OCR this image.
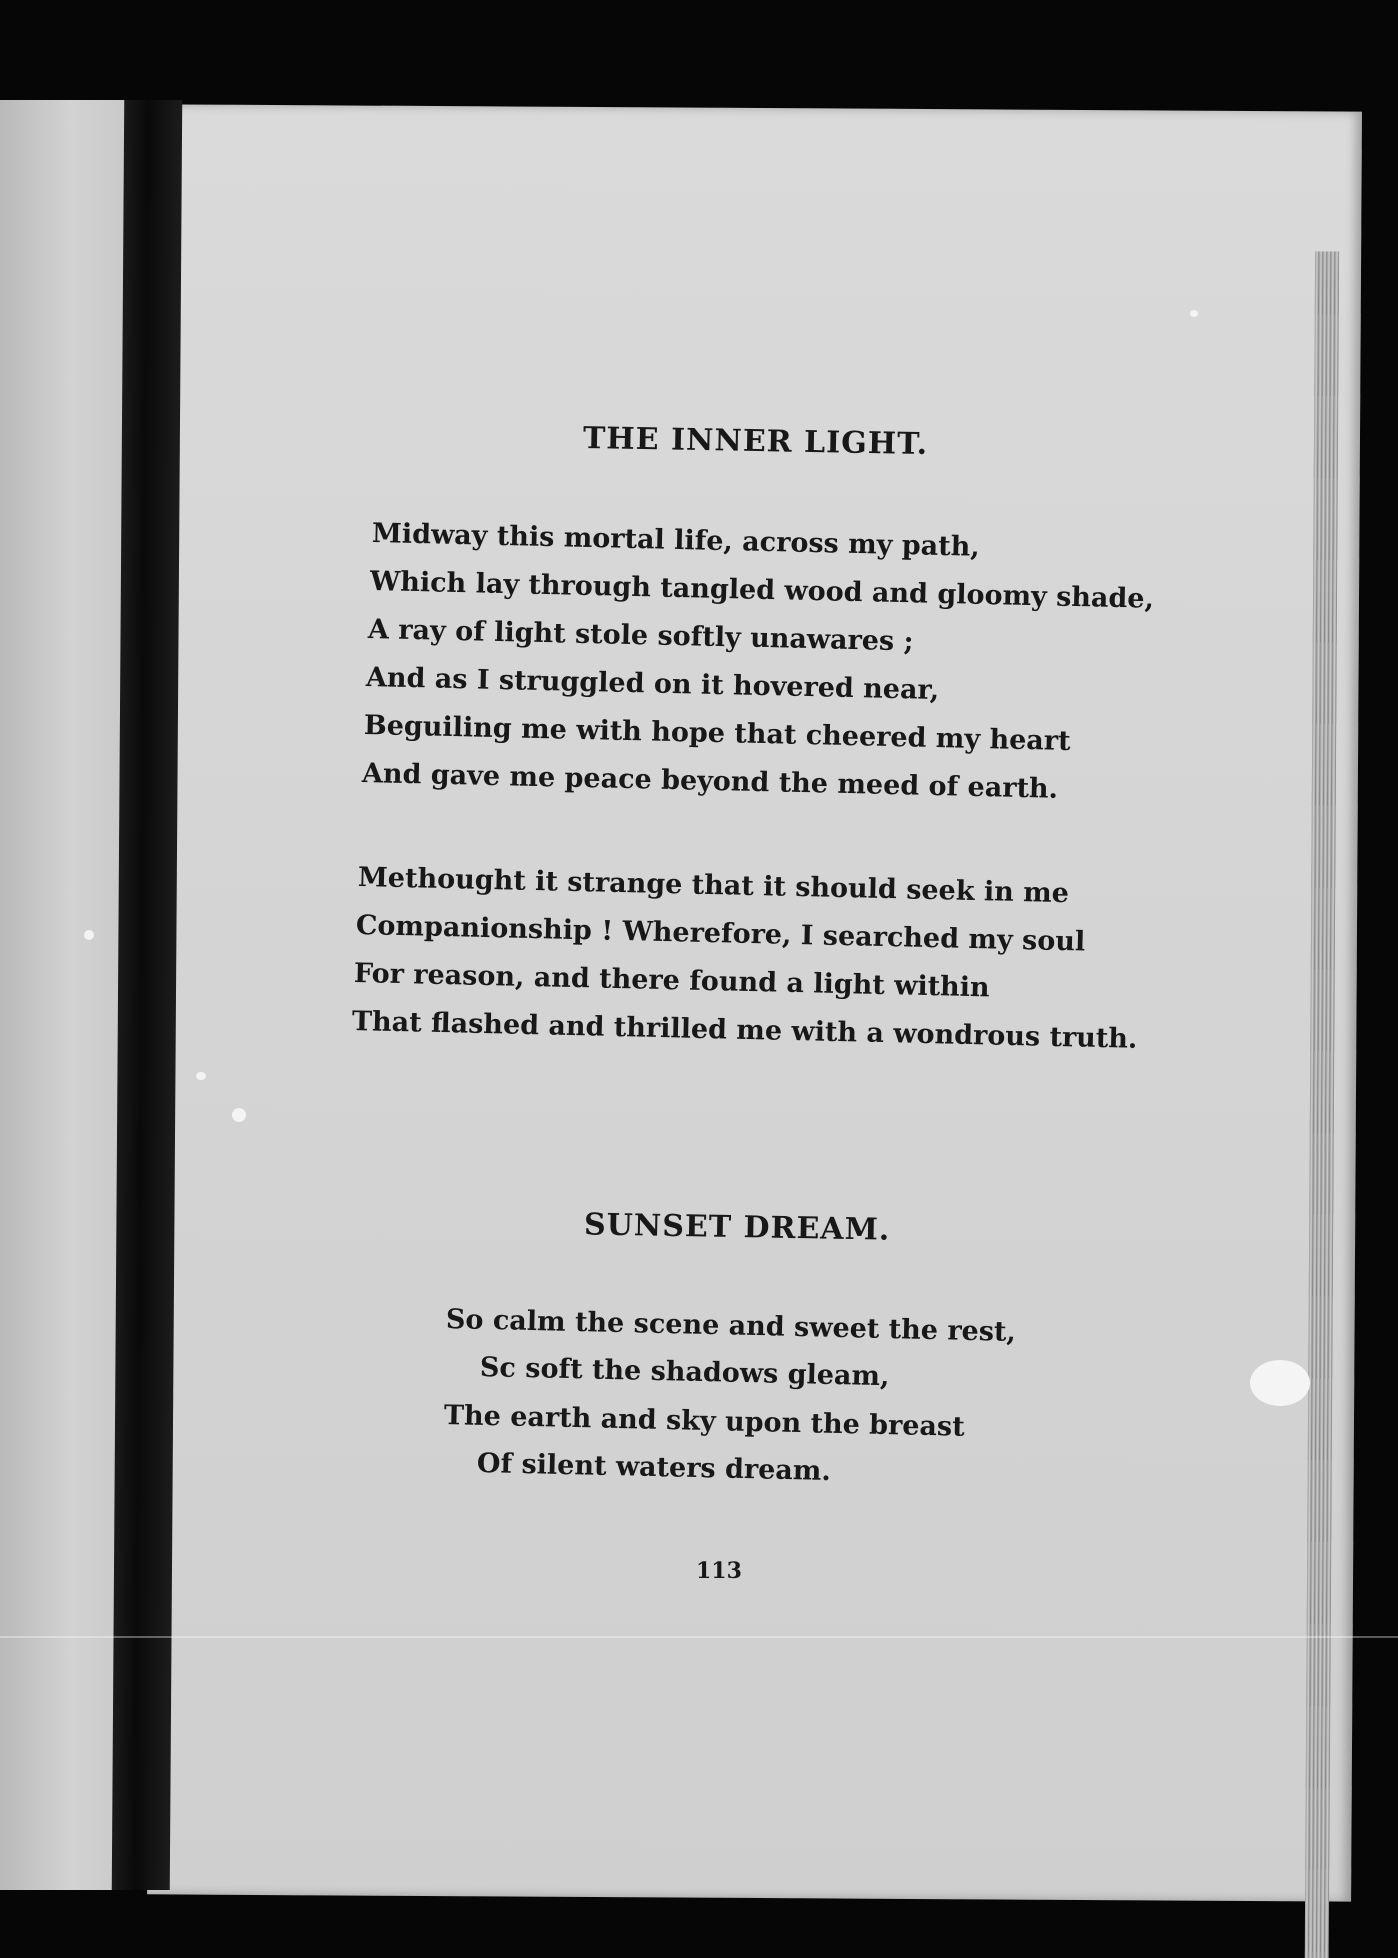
THE INNER LIGHT.
Midway this mortal life, across my path,
Which lay through tangled wood and gloomy shade,
A ray of light stole softly unawares ;
And as I struggled on it hovered near,
Beguiling me with hope that cheered my heart
And gave me peace beyond the meed of earth.
Methought it strange that it should seek in me
Companionship ! Wherefore, I searched my soul
For reason, and there found a light within
That flashed and thrilled me with a wondrous truth.
SUNSET DREAM.
So calm the scene and sweet the rest,
Sc soft the shadows gleam,
The earth and sky upon the breast
Of silent waters dream.
113
